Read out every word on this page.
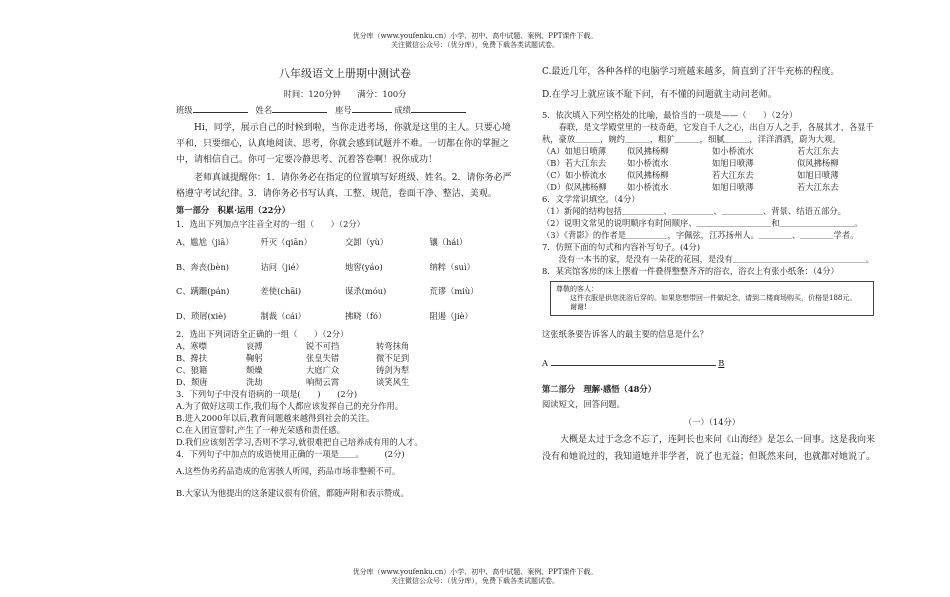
优分库（www.youfenku.cn）小学、初中、高中试题、案例、PPT课件下载。
关注微信公众号：（优分库），免费下载各类试题试卷。

八年级语文上册期中测试卷

时间：120分钟　　满分：100分

班级	姓名	座号	成绩

Hi，同学，展示自己的时候到啦，当你走进考场，你就是这里的主人。只要心境平和，只要细心，认真地阅读、思考，你就会感到试题并不难。一切都在你的掌握之中，请相信自己。你可一定要冷静思考、沉着答卷啊！祝你成功！

老师真诚提醒你：1．请你务必在指定的位置填写好班级、姓名。2．请你务必严格遵守考试纪律。3．请你务必书写认真、工整、规范，卷面干净、整洁、美观。

第一部分　积累·运用（22分）

1．选出下列加点字注音全对的一组（　　）（2分）

A、尴尬（jiā）	歼灭（qiān）	交卸（yù）	镶（hái）
B、奔丧(bèn)	诘问（jié）	地窖(yáo)	纳粹（suì）
C、蹒跚(pán)	差使(chāi)	谋杀(móu)	荒谬（miù）
D、琐屑(xiè)	制裁（cái）	拂晓（fó）	阻遏（jiè）

2．选出下列词语全正确的一组（　　）（2分）

A、寒噤	哀搏	锐不可挡	转弯抹角
B、搀扶	鞠躬	张皇失错	微不足到
C、狼籍	颓燥	大庭广众	铸剑为犁
D、颓唐	洗劫	响彻云霄	谈笑风生

3．下列句子中没有语病的一项是(　　)　　(2分)

A.为了做好这项工作,我们每个人都应该发挥自己的充分作用。

B.进入2000年以后,教育问题越来越得到社会的关注。

C.在入团宣誓时,产生了一种光荣感和责任感。

D.我们应该刻苦学习,否则不学习,就很难把自己培养成有用的人才。

4．下列句子中加点的成语使用正确的一项是＿＿。　　　(2分)

A.这些伪劣药品造成的危害骇人听闻，药品市场非整顿不可。

B.大家认为他提出的这条建议很有价值，都随声附和表示赞成。

C.最近几年，各种各样的电脑学习班越来越多，简直到了汗牛充栋的程度。

D.在学习上就应该不耻下问，有不懂的问题就主动问老师。

5．依次填入下列空格处的比喻，最恰当的一项是——（　　）（2分）

春联，是文学殿堂里的一枝奇葩，它发自千人之心，出自万人之手，各展其才，各显千秋，豪放＿＿＿，婉约＿＿＿，粗犷＿＿＿，细腻＿＿＿，洋洋洒洒，蔚为大观。

（A）如旭日喷薄	似风拂杨柳	如小桥流水	若大江东去
（B）若大江东去	如小桥流水	如旭日喷薄	似风拂杨柳
（C）如小桥流水	似风拂杨柳	若大江东去	如旭日喷薄
（D）似风拂杨柳	如小桥流水	如旭日喷薄	若大江东去

6．文学常识填空。（4分）

（1）新闻的结构包括＿＿＿＿＿、＿＿＿＿＿、＿＿＿＿＿、背景、结语五部分。

（2）说明文常见的说明顺序有时间顺序、＿＿＿＿＿＿＿＿＿和＿＿＿＿＿＿＿＿＿。

（3）《背影》的作者是＿＿＿＿＿，字佩弦，江苏扬州人。＿＿＿＿、＿＿＿＿学者。

7．仿照下面的句式和内容补写句子。(4分)

没有一本书的家，是没有一朵花的花园，是没有＿＿＿＿＿＿＿＿＿＿＿＿＿＿＿＿。

8．某宾馆客房的床上摆着一件叠得整整齐齐的浴衣，浴衣上有张小纸条：（4分）

尊敬的客人：

这件衣服是供您洗浴后穿的。如果您想带回一件做纪念，请到二楼商场购买，价格是188元。

谢谢!

这张纸条要告诉客人的最主要的信息是什么？

A	B

第二部分　理解·感悟（48分）

阅读短文，回答问题。

（一）（14分）

大概是太过于念念不忘了，连阿长也来问《山海经》是怎么一回事。这是我向来没有和她说过的，我知道她并非学者，说了也无益；但既然来问，也就都对她说了。

优分库（www.youfenku.cn）小学、初中、高中试题、案例、PPT课件下载。
关注微信公众号：（优分库），免费下载各类试题试卷。
